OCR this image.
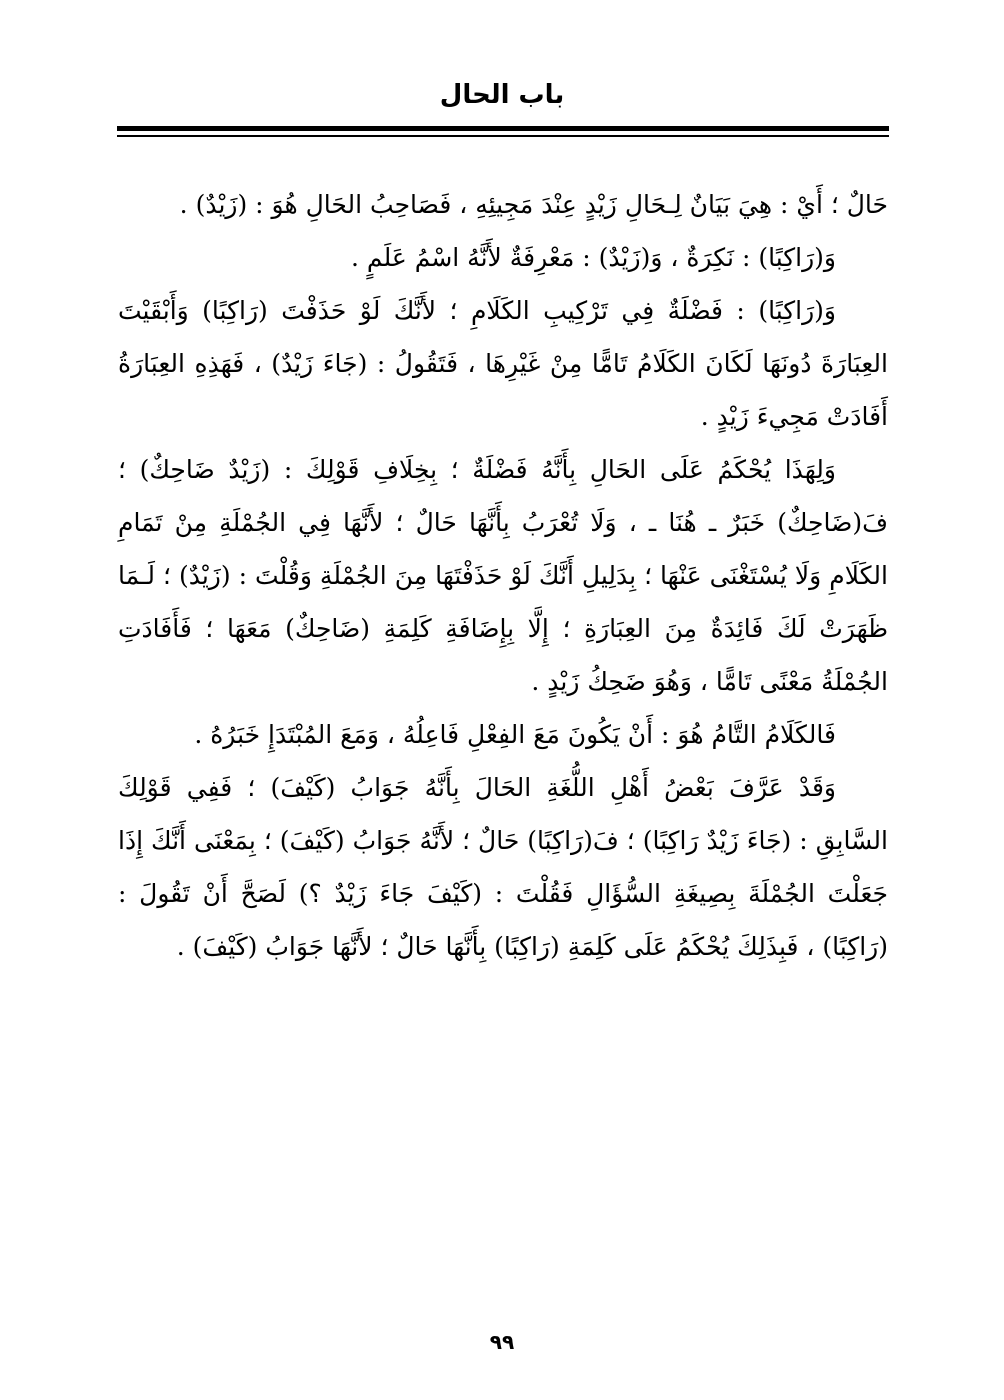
باب الحال

حَالٌ ؛ أَيْ : هِيَ بَيَانٌ لِـحَالِ زَيْدٍ عِنْدَ مَجِيئِهِ ، فَصَاحِبُ الحَالِ هُوَ : (زَيْدٌ) .

وَ(رَاكِبًا) : نَكِرَةٌ ، وَ(زَيْدٌ) : مَعْرِفَةٌ لأَنَّهُ اسْمُ عَلَمٍ .

وَ(رَاكِبًا) : فَضْلَةٌ فِي تَرْكِيبِ الكَلَامِ ؛ لأَنَّكَ لَوْ حَذَفْتَ (رَاكِبًا) وَأَبْقَيْتَ العِبَارَةَ دُونَهَا لَكَانَ الكَلَامُ تَامًّا مِنْ غَيْرِهَا ، فَتَقُولُ : (جَاءَ زَيْدٌ) ، فَهَذِهِ العِبَارَةُ أَفَادَتْ مَجِيءَ زَيْدٍ .

وَلِهَذَا يُحْكَمُ عَلَى الحَالِ بِأَنَّهُ فَضْلَةٌ ؛ بِخِلَافِ قَوْلِكَ : (زَيْدٌ ضَاحِكٌ) ؛ فَ(ضَاحِكٌ) خَبَرٌ ـ هُنَا ـ ، وَلَا تُعْرَبُ بِأَنَّهَا حَالٌ ؛ لأَنَّهَا فِي الجُمْلَةِ مِنْ تَمَامِ الكَلَامِ وَلَا يُسْتَغْنَى عَنْهَا ؛ بِدَلِيلِ أَنَّكَ لَوْ حَذَفْتَهَا مِنَ الجُمْلَةِ وَقُلْتَ : (زَيْدٌ) ؛ لَـمَا ظَهَرَتْ لَكَ فَائِدَةٌ مِنَ العِبَارَةِ ؛ إِلَّا بِإِضَافَةِ كَلِمَةِ (ضَاحِكٌ) مَعَهَا ؛ فَأَفَادَتِ الجُمْلَةُ مَعْنًى تَامًّا ، وَهُوَ ضَحِكُ زَيْدٍ .

فَالكَلَامُ التَّامُ هُوَ : أَنْ يَكُونَ مَعَ الفِعْلِ فَاعِلُهُ ، وَمَعَ المُبْتَدَإِ خَبَرُهُ .

وَقَدْ عَرَّفَ بَعْضُ أَهْلِ اللُّغَةِ الحَالَ بِأَنَّهُ جَوَابُ (كَيْفَ) ؛ فَفِي قَوْلِكَ السَّابِقِ : (جَاءَ زَيْدٌ رَاكِبًا) ؛ فَ(رَاكِبًا) حَالٌ ؛ لأَنَّهُ جَوَابُ (كَيْفَ) ؛ بِمَعْنَى أَنَّكَ إِذَا جَعَلْتَ الجُمْلَةَ بِصِيغَةِ السُّؤَالِ فَقُلْتَ : (كَيْفَ جَاءَ زَيْدٌ ؟) لَصَحَّ أَنْ تَقُولَ : (رَاكِبًا) ، فَبِذَلِكَ يُحْكَمُ عَلَى كَلِمَةِ (رَاكِبًا) بِأَنَّهَا حَالٌ ؛ لأَنَّهَا جَوَابُ (كَيْفَ) .

٩٩
